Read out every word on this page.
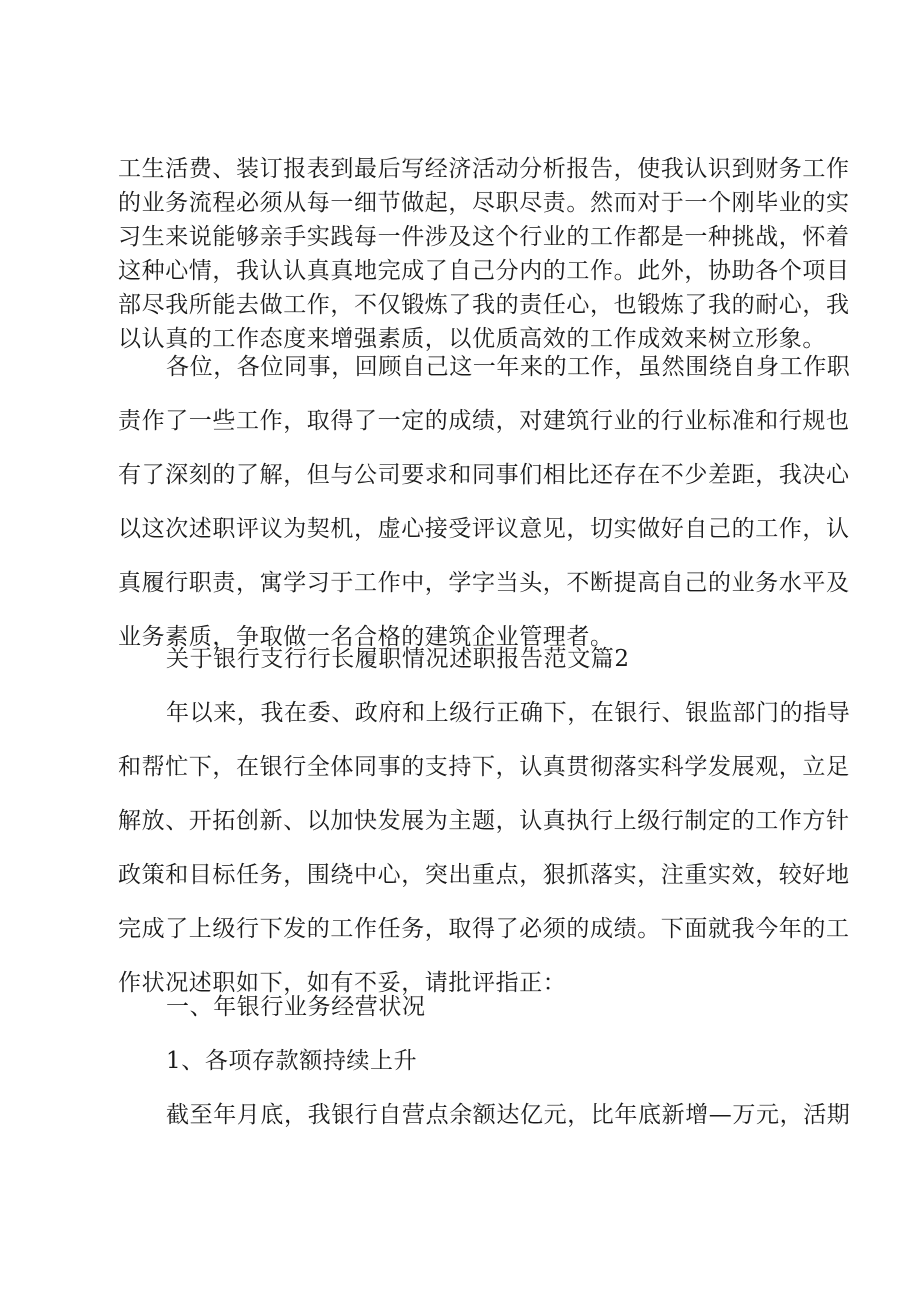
工生活费、装订报表到最后写经济活动分析报告，使我认识到财务工作
的业务流程必须从每一细节做起，尽职尽责。然而对于一个刚毕业的实
习生来说能够亲手实践每一件涉及这个行业的工作都是一种挑战，怀着
这种心情，我认认真真地完成了自己分内的工作。此外，协助各个项目
部尽我所能去做工作，不仅锻炼了我的责任心，也锻炼了我的耐心，我
以认真的工作态度来增强素质，以优质高效的工作成效来树立形象。
各位，各位同事，回顾自己这一年来的工作，虽然围绕自身工作职
责作了一些工作，取得了一定的成绩，对建筑行业的行业标准和行规也
有了深刻的了解，但与公司要求和同事们相比还存在不少差距，我决心
以这次述职评议为契机，虚心接受评议意见，切实做好自己的工作，认
真履行职责，寓学习于工作中，学字当头，不断提高自己的业务水平及
业务素质，争取做一名合格的建筑企业管理者。
关于银行支行行长履职情况述职报告范文篇2
年以来，我在委、政府和上级行正确下，在银行、银监部门的指导
和帮忙下，在银行全体同事的支持下，认真贯彻落实科学发展观，立足
解放、开拓创新、以加快发展为主题，认真执行上级行制定的工作方针
政策和目标任务，围绕中心，突出重点，狠抓落实，注重实效，较好地
完成了上级行下发的工作任务，取得了必须的成绩。下面就我今年的工
作状况述职如下，如有不妥，请批评指正：
一、年银行业务经营状况
1、各项存款额持续上升
截至年月底，我银行自营点余额达亿元，比年底新增—万元，活期
